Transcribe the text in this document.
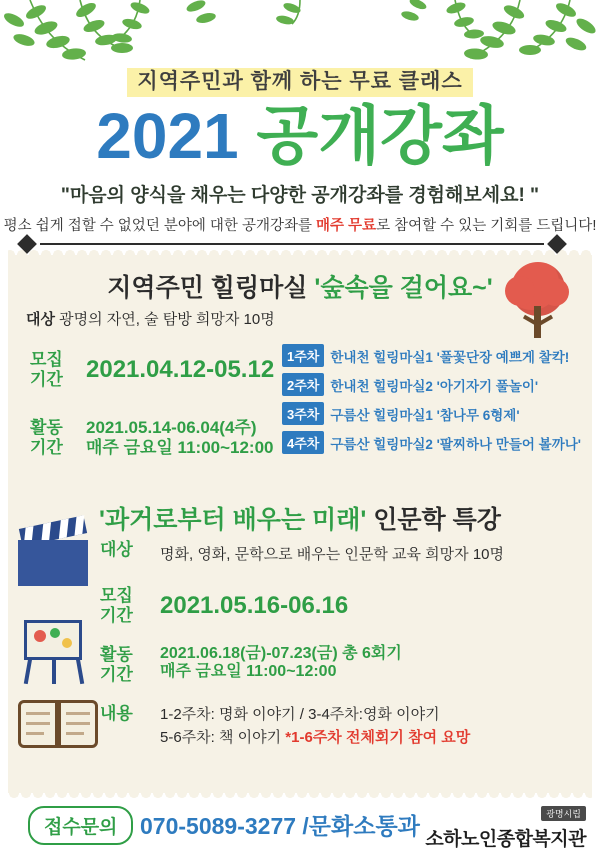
지역주민과 함께 하는 무료 클래스
2021 공개강좌
"마음의 양식을 채우는 다양한 공개강좌를 경험해보세요! "
평소 쉽게 접할 수 없었던 분야에 대한 공개강좌를 매주 무료로 참여할 수 있는 기회를 드립니다!
지역주민 힐링마실 '숲속을 걸어요~'
대상 광명의 자연, 술 탐방 희망자 10명
모집
기간 2021.04.12-05.12
활동
기간
2021.05.14-06.04(4주)
매주 금요일 11:00~12:00
1주차 한내천 힐링마실1 '풀꽃단장 예쁘게 찰칵!
2주차 한내천 힐링마실2 '아기자기 풀놀이'
3주차 구름산 힐링마실1 '참나무 6형제'
4주차 구름산 힐링마실2 '팔찌하나 만들어 볼까나'
'과거로부터 배우는 미래' 인문학 특강
대상	명화, 영화, 문학으로 배우는 인문학 교육 희망자 10명
모집
기간	2021.05.16-06.16
활동
기간
2021.06.18(금)-07.23(금) 총 6회기
매주 금요일 11:00~12:00
내용	1-2주차: 명화 이야기 / 3-4주차:영화 이야기
5-6주차: 책 이야기 *1-6주차 전체회기 참여 요망
접수문의 070-5089-3277 /문화소통과	광명시립
소하노인종합복지관
